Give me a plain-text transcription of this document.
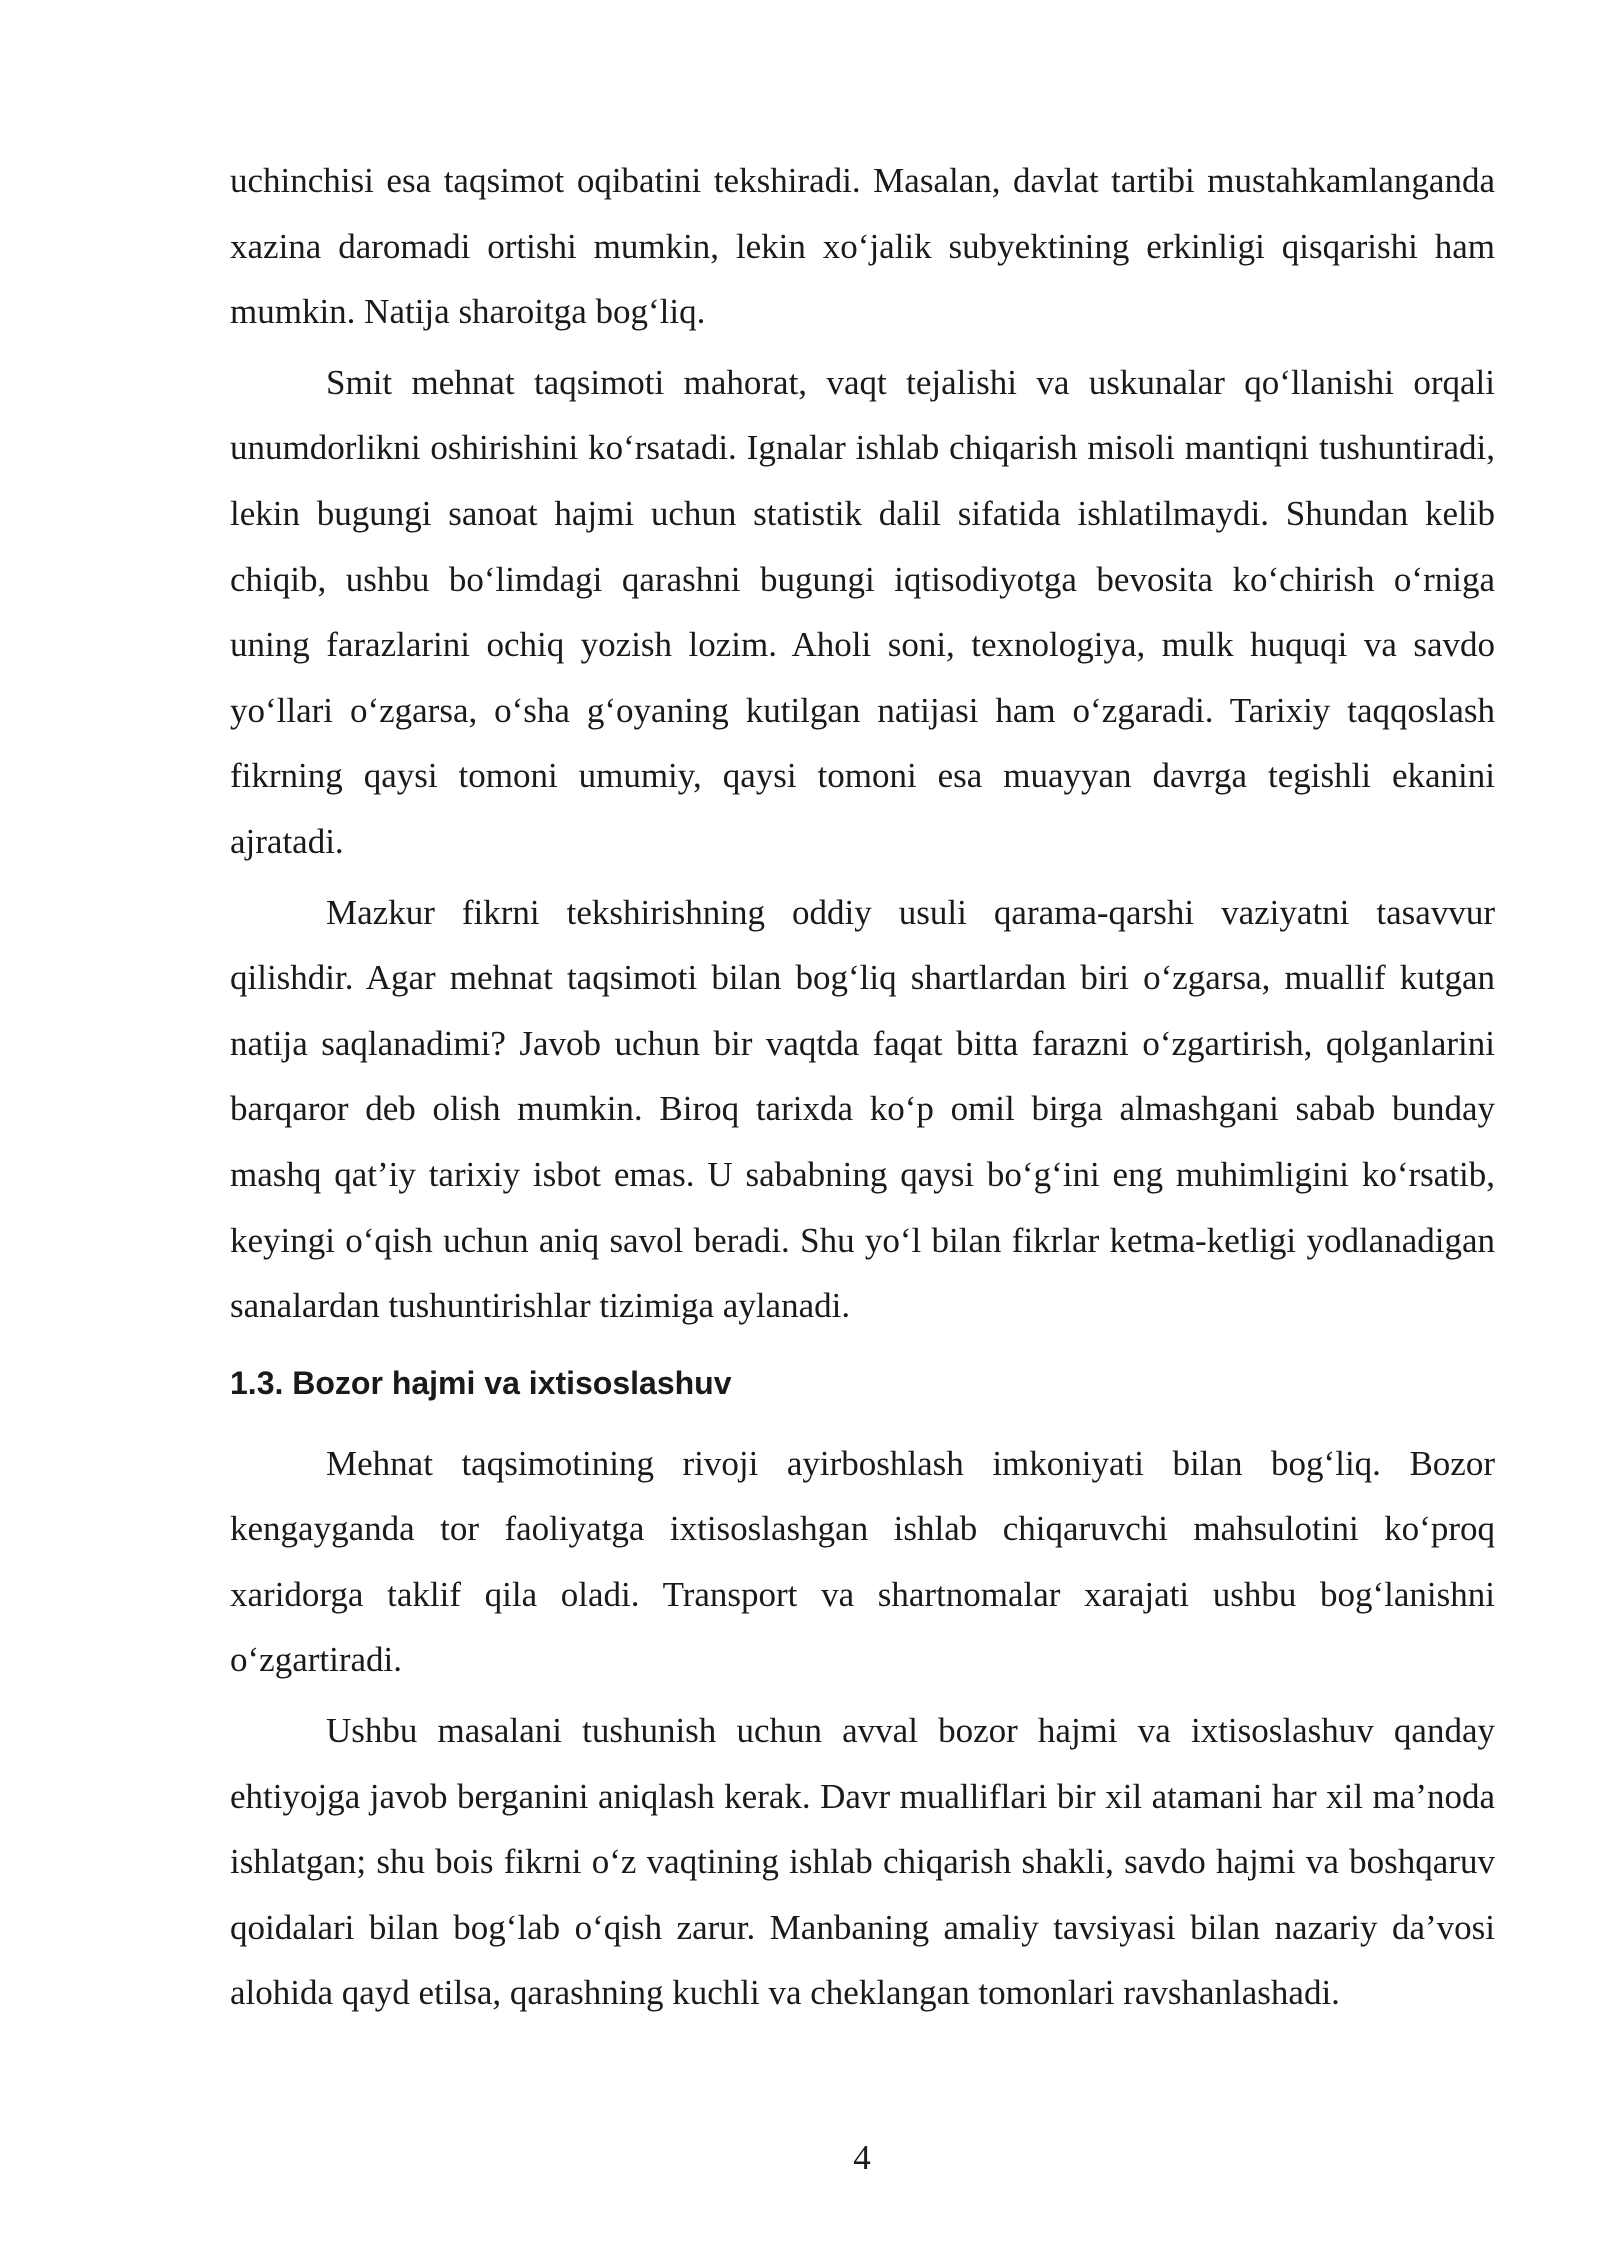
uchinchisi esa taqsimot oqibatini tekshiradi. Masalan, davlat tartibi mustahkamlanganda xazina daromadi ortishi mumkin, lekin xo‘jalik subyektining erkinligi qisqarishi ham mumkin. Natija sharoitga bog‘liq.

Smit mehnat taqsimoti mahorat, vaqt tejalishi va uskunalar qo‘llanishi orqali unumdorlikni oshirishini ko‘rsatadi. Ignalar ishlab chiqarish misoli mantiqni tushuntiradi, lekin bugungi sanoat hajmi uchun statistik dalil sifatida ishlatilmaydi. Shundan kelib chiqib, ushbu bo‘limdagi qarashni bugungi iqtisodiyotga bevosita ko‘chirish o‘rniga uning farazlarini ochiq yozish lozim. Aholi soni, texnologiya, mulk huquqi va savdo yo‘llari o‘zgarsa, o‘sha g‘oyaning kutilgan natijasi ham o‘zgaradi. Tarixiy taqqoslash fikrning qaysi tomoni umumiy, qaysi tomoni esa muayyan davrga tegishli ekanini ajratadi.

Mazkur fikrni tekshirishning oddiy usuli qarama-qarshi vaziyatni tasavvur qilishdir. Agar mehnat taqsimoti bilan bog‘liq shartlardan biri o‘zgarsa, muallif kutgan natija saqlanadimi? Javob uchun bir vaqtda faqat bitta farazni o‘zgartirish, qolganlarini barqaror deb olish mumkin. Biroq tarixda ko‘p omil birga almashgani sabab bunday mashq qat’iy tarixiy isbot emas. U sababning qaysi bo‘g‘ini eng muhimligini ko‘rsatib, keyingi o‘qish uchun aniq savol beradi. Shu yo‘l bilan fikrlar ketma-ketligi yodlanadigan sanalardan tushuntirishlar tizimiga aylanadi.

1.3. Bozor hajmi va ixtisoslashuv

Mehnat taqsimotining rivoji ayirboshlash imkoniyati bilan bog‘liq. Bozor kengayganda tor faoliyatga ixtisoslashgan ishlab chiqaruvchi mahsulotini ko‘proq xaridorga taklif qila oladi. Transport va shartnomalar xarajati ushbu bog‘lanishni o‘zgartiradi.

Ushbu masalani tushunish uchun avval bozor hajmi va ixtisoslashuv qanday ehtiyojga javob berganini aniqlash kerak. Davr mualliflari bir xil atamani har xil ma’noda ishlatgan; shu bois fikrni o‘z vaqtining ishlab chiqarish shakli, savdo hajmi va boshqaruv qoidalari bilan bog‘lab o‘qish zarur. Manbaning amaliy tavsiyasi bilan nazariy da’vosi alohida qayd etilsa, qarashning kuchli va cheklangan tomonlari ravshanlashadi.

4
